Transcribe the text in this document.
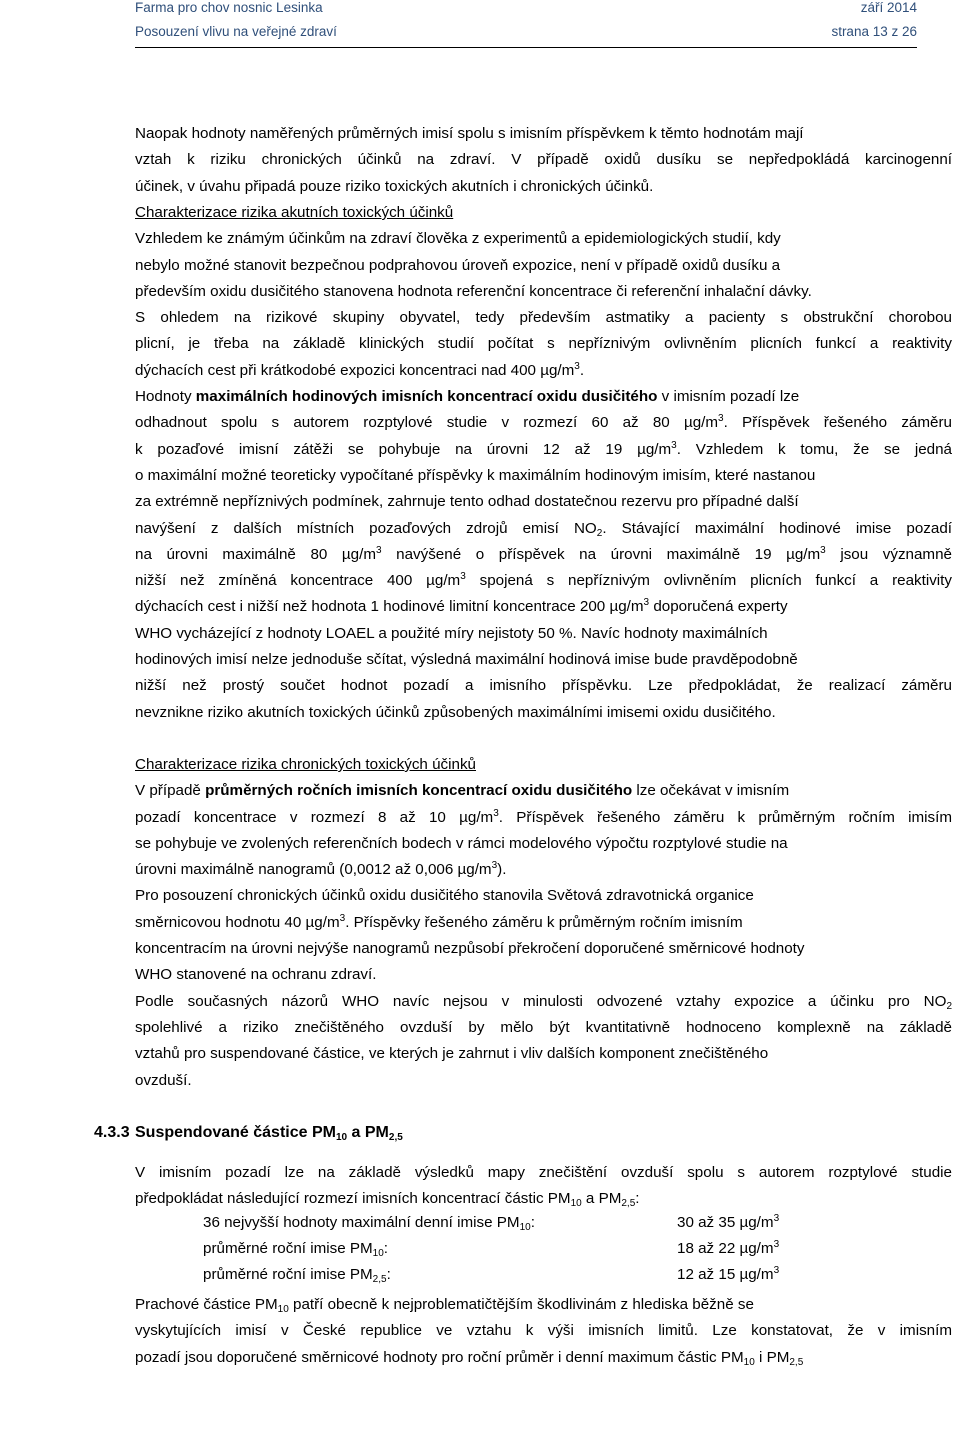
Farma pro chov nosnic Lesinka	září 2014
Posouzení vlivu na veřejné zdraví	strana 13 z 26
Naopak hodnoty naměřených průměrných imisí spolu s imisním příspěvkem k těmto hodnotám mají
vztah k riziku chronických účinků na zdraví. V případě oxidů dusíku se nepředpokládá karcinogenní
účinek, v úvahu připadá pouze riziko toxických akutních i chronických účinků.
Charakterizace rizika akutních toxických účinků
Vzhledem ke známým účinkům na zdraví člověka z experimentů a epidemiologických studií, kdy
nebylo možné stanovit bezpečnou podprahovou úroveň expozice, není v případě oxidů dusíku a
především oxidu dusičitého stanovena hodnota referenční koncentrace či referenční inhalační dávky.
S ohledem na rizikové skupiny obyvatel, tedy především astmatiky a pacienty s obstrukční chorobou
plicní, je třeba na základě klinických studií počítat s nepříznivým ovlivněním plicních funkcí a reaktivity
dýchacích cest při krátkodobé expozici koncentraci nad 400 $\mu g/m^3$.
Hodnoty maximálních hodinových imisních koncentrací oxidu dusičitého v imisním pozadí lze
odhadnout spolu s autorem rozptylové studie v rozmezí 60 až 80 $\mu g/m^3$. Příspěvek řešeného záměru
k pozaďové imisní zátěži se pohybuje na úrovni 12 až 19 $\mu g/m^3$. Vzhledem k tomu, že se jedná
o maximální možné teoreticky vypočítané příspěvky k maximálním hodinovým imisím, které nastanou
za extrémně nepříznivých podmínek, zahrnuje tento odhad dostatečnou rezervu pro případné další
navýšení z dalších místních pozaďových zdrojů emisí $NO_2$. Stávající maximální hodinové imise pozadí
na úrovni maximálně 80 $\mu g/m^3$ navýšené o příspěvek na úrovni maximálně 19 $\mu g/m^3$ jsou významně
nižší než zmíněná koncentrace 400 $\mu g/m^3$ spojená s nepříznivým ovlivněním plicních funkcí a reaktivity
dýchacích cest i nižší než hodnota 1 hodinové limitní koncentrace 200 $\mu g/m^3$ doporučená experty
WHO vycházející z hodnoty LOAEL a použité míry nejistoty 50 %. Navíc hodnoty maximálních
hodinových imisí nelze jednoduše sčítat, výsledná maximální hodinová imise bude pravděpodobně
nižší než prostý součet hodnot pozadí a imisního příspěvku. Lze předpokládat, že realizací záměru
nevznikne riziko akutních toxických účinků způsobených maximálními imisemi oxidu dusičitého.
Charakterizace rizika chronických toxických účinků
V případě průměrných ročních imisních koncentrací oxidu dusičitého lze očekávat v imisním
pozadí koncentrace v rozmezí 8 až 10 $\mu g/m^3$. Příspěvek řešeného záměru k průměrným ročním imisím
se pohybuje ve zvolených referenčních bodech v rámci modelového výpočtu rozptylové studie na
úrovni maximálně nanogramů (0,0012 až 0,006 $\mu g/m^3$).
Pro posouzení chronických účinků oxidu dusičitého stanovila Světová zdravotnická organice
směrnicovou hodnotu 40 $\mu g/m^3$. Příspěvky řešeného záměru k průměrným ročním imisním
koncentracím na úrovni nejvýše nanogramů nezpůsobí překročení doporučené směrnicové hodnoty
WHO stanovené na ochranu zdraví.
Podle současných názorů WHO navíc nejsou v minulosti odvozené vztahy expozice a účinku pro $NO_2$
spolehlivé a riziko znečištěného ovzduší by mělo být kvantitativně hodnoceno komplexně na základě
vztahů pro suspendované částice, ve kterých je zahrnut i vliv dalších komponent znečištěného
ovzduší.
4.3.3 Suspendované částice $PM_{10}$ a $PM_{2,5}$
V imisním pozadí lze na základě výsledků mapy znečištění ovzduší spolu s autorem rozptylové studie
předpokládat následující rozmezí imisních koncentrací částic $PM_{10}$ a $PM_{2,5}$:
36 nejvyšší hodnoty maximální denní imise $PM_{10}$:	30 až 35 $\mu g/m^3$
průměrné roční imise $PM_{10}$:	18 až 22 $\mu g/m^3$
průměrné roční imise $PM_{2,5}$:	12 až 15 $\mu g/m^3$
Prachové částice $PM_{10}$ patří obecně k nejproblematičtějším škodlivinám z hlediska běžně se
vyskytujících imisí v České republice ve vztahu k výši imisních limitů. Lze konstatovat, že v imisním
pozadí jsou doporučené směrnicové hodnoty pro roční průměr i denní maximum částic $PM_{10}$ i $PM_{2,5}$
